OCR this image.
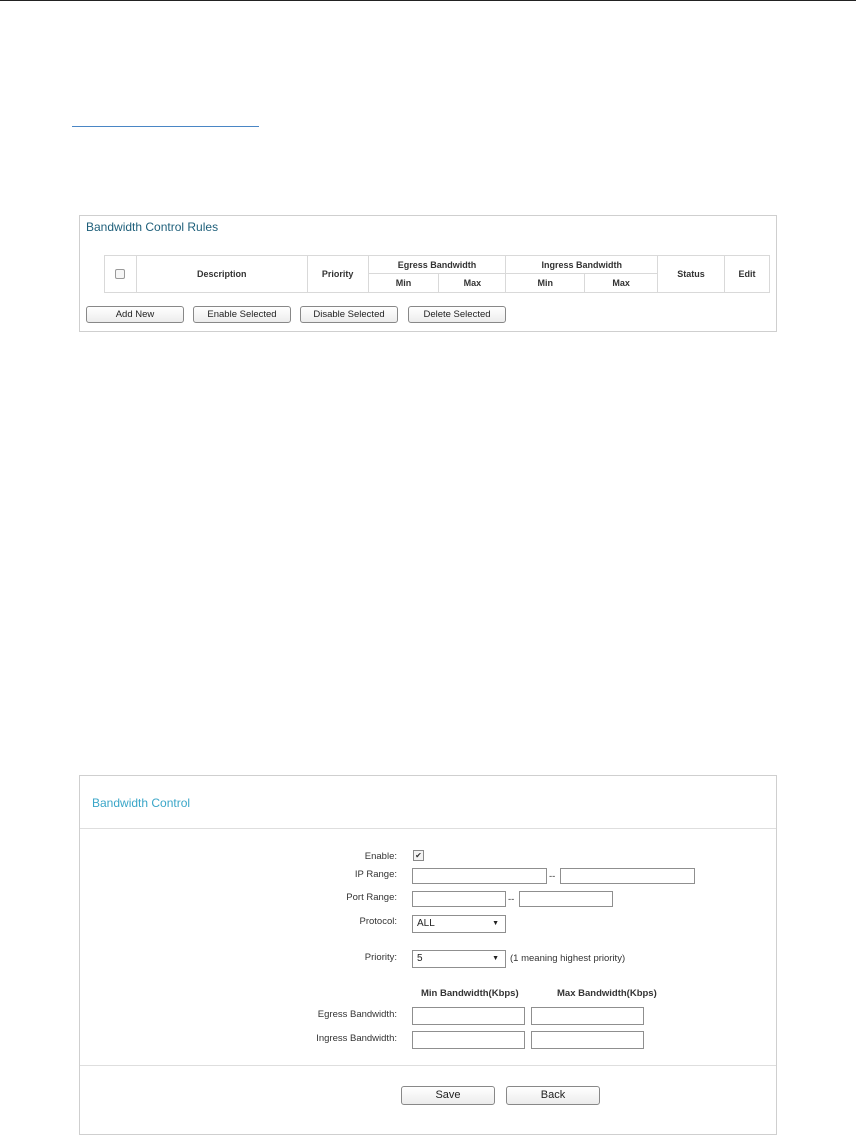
Bandwidth Control Rules
	Description	Priority	Egress Bandwidth		Ingress Bandwidth		Status	Edit
			Min	Max	Min	Max		
Add New	Enable Selected	Disable Selected	Delete Selected
Bandwidth Control
Enable: ✔
IP Range:	--
Port Range:	--
Protocol:	ALL	▼
Priority:	5	▼ (1 meaning highest priority)
Min Bandwidth(Kbps)	Max Bandwidth(Kbps)
Egress Bandwidth:
Ingress Bandwidth:
Save	Back
